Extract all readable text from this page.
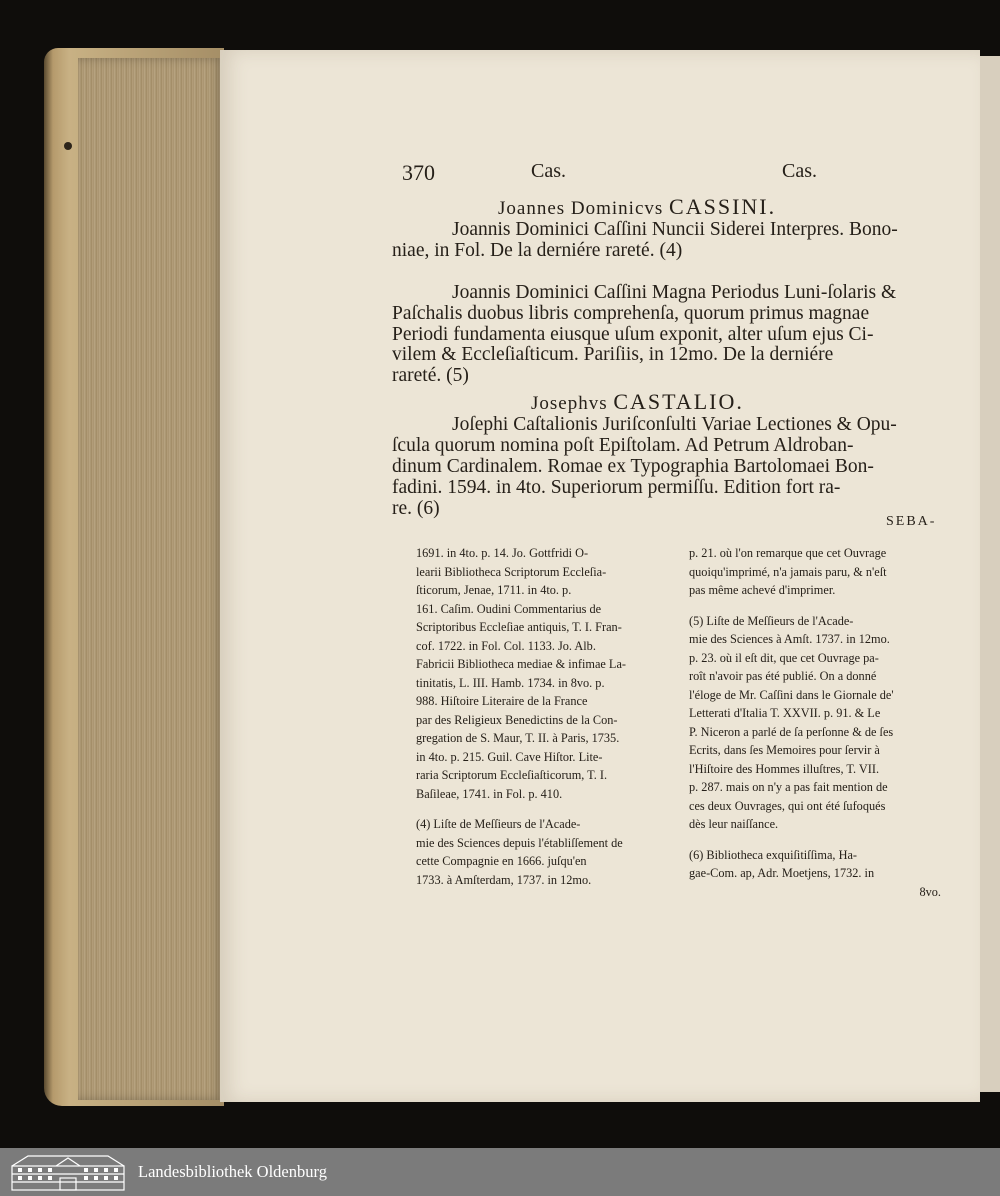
370	Cas.	Cas.
Joannes Dominicvs CASSINI.
Joannis Dominici Caſſini Nuncii Siderei Interpres. Bono-
niae, in Fol. De la derniére rareté. (4)
Joannis Dominici Caſſini Magna Periodus Luni-ſolaris &
Paſchalis duobus libris comprehenſa, quorum primus magnae
Periodi fundamenta eiusque uſum exponit, alter uſum ejus Ci-
vilem & Eccleſiaſticum. Pariſiis, in 12mo. De la derniére
rareté. (5)
Josephvs CASTALIO.
Joſephi Caſtalionis Juriſconſulti Variae Lectiones & Opu-
ſcula quorum nomina poſt Epiſtolam. Ad Petrum Aldroban-
dinum Cardinalem. Romae ex Typographia Bartolomaei Bon-
fadini. 1594. in 4to. Superiorum permiſſu. Edition fort ra-
re. (6)
SEBA-
1691. in 4to. p. 14. Jo. Gottfridi O-
learii Bibliotheca Scriptorum Eccleſia-
ſticorum, Jenae, 1711. in 4to. p.
161. Caſim. Oudini Commentarius de
Scriptoribus Eccleſiae antiquis, T. I. Fran-
cof. 1722. in Fol. Col. 1133. Jo. Alb.
Fabricii Bibliotheca mediae & infimae La-
tinitatis, L. III. Hamb. 1734. in 8vo. p.
988. Hiſtoire Literaire de la France
par des Religieux Benedictins de la Con-
gregation de S. Maur, T. II. à Paris, 1735.
in 4to. p. 215. Guil. Cave Hiſtor. Lite-
raria Scriptorum Eccleſiaſticorum, T. I.
Baſileae, 1741. in Fol. p. 410.
(4) Liſte de Meſſieurs de l'Acade-
mie des Sciences depuis l'établiſſement de
cette Compagnie en 1666. juſqu'en
1733. à Amſterdam, 1737. in 12mo.
p. 21. où l'on remarque que cet Ouvrage
quoiqu'imprimé, n'a jamais paru, & n'eſt
pas même achevé d'imprimer.
(5) Liſte de Meſſieurs de l'Acade-
mie des Sciences à Amſt. 1737. in 12mo.
p. 23. où il eſt dit, que cet Ouvrage pa-
roît n'avoir pas été publié. On a donné
l'éloge de Mr. Caſſini dans le Giornale de'
Letterati d'Italia T. XXVII. p. 91. & Le
P. Niceron a parlé de ſa perſonne & de ſes
Ecrits, dans ſes Memoires pour ſervir à
l'Hiſtoire des Hommes illuſtres, T. VII.
p. 287. mais on n'y a pas fait mention de
ces deux Ouvrages, qui ont été ſufoqués
dès leur naiſſance.
(6) Bibliotheca exquiſitiſſima, Ha-
gae-Com. ap, Adr. Moetjens, 1732. in
8vo.
Landesbibliothek Oldenburg
